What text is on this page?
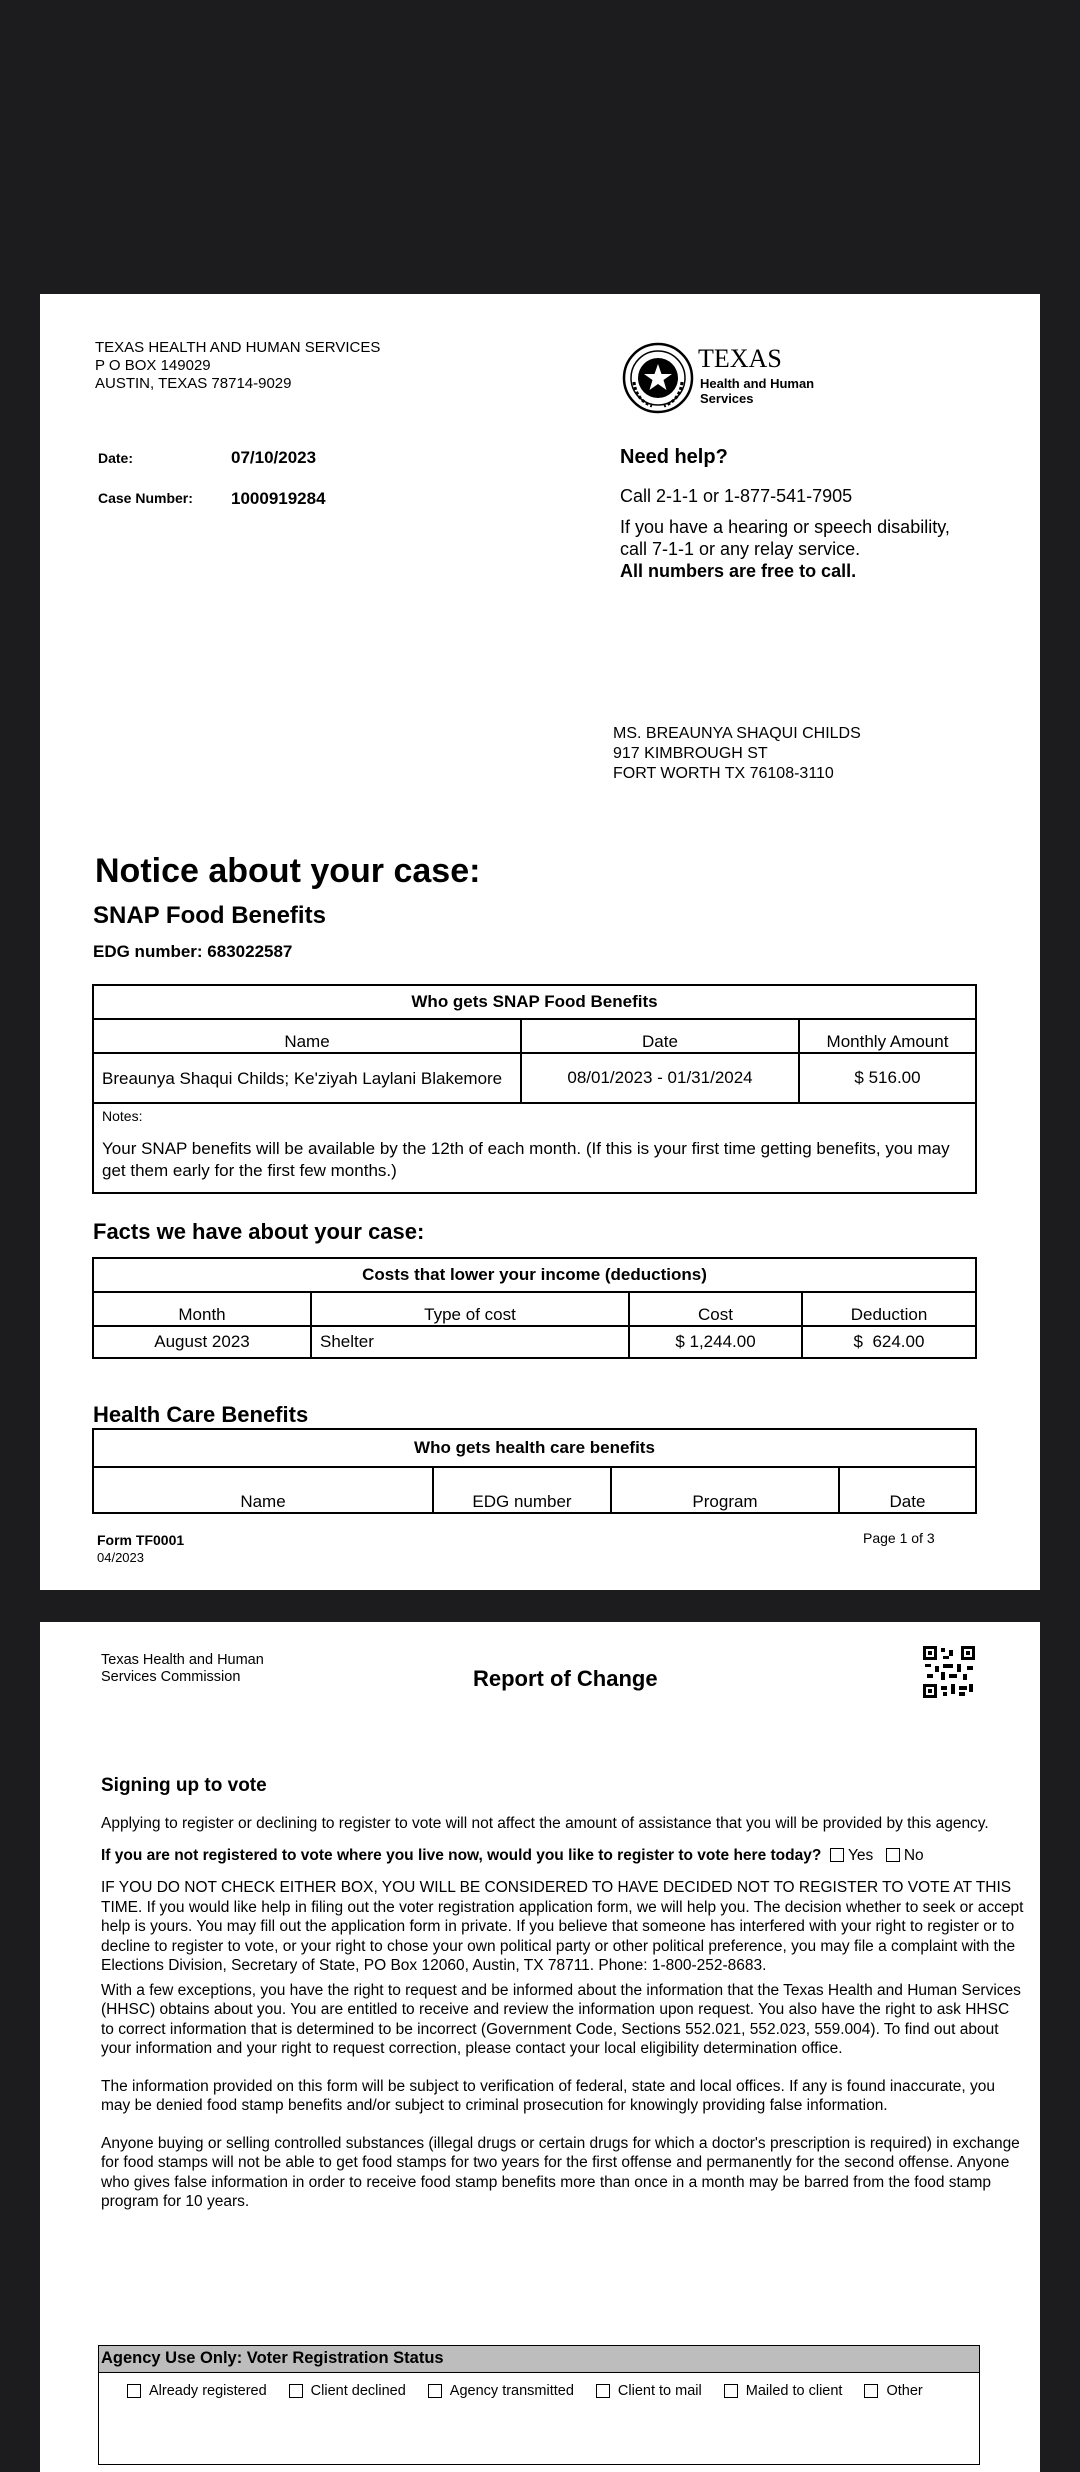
TEXAS HEALTH AND HUMAN SERVICES
P O BOX 149029
AUSTIN, TEXAS 78714-9029
TEXAS
Health and Human
Services
Date:	07/10/2023
Case Number: 1000919284
Need help?
Call 2-1-1 or 1-877-541-7905
If you have a hearing or speech disability,
call 7-1-1 or any relay service.
All numbers are free to call.
MS. BREAUNYA SHAQUI CHILDS
917 KIMBROUGH ST
FORT WORTH TX 76108-3110
Notice about your case:
SNAP Food Benefits
EDG number: 683022587
Who gets SNAP Food Benefits		
Name	Date	Monthly Amount
Breaunya Shaqui Childs; Ke'ziyah Laylani Blakemore	08/01/2023 - 01/31/2024	$ 516.00

Notes:
Your SNAP benefits will be available by the 12th of each month. (If this is your first time getting benefits, you may get them early for the first few months.)		
Facts we have about your case:
Costs that lower your income (deductions)			
Month	Type of cost	Cost	Deduction
August 2023	Shelter	$ 1,244.00	$  624.00
Health Care Benefits
Who gets health care benefits
Name	EDG number	Program	Date
Form TF0001
04/2023
Page 1 of 3
Texas Health and Human
Services Commission	Report of Change
Signing up to vote
Applying to register or declining to register to vote will not affect the amount of assistance that you will be provided by this agency.
If you are not registered to vote where you live now, would you like to register to vote here today? Yes No
IF YOU DO NOT CHECK EITHER BOX, YOU WILL BE CONSIDERED TO HAVE DECIDED NOT TO REGISTER TO VOTE AT THIS TIME. If you would like help in filing out the voter registration application form, we will help you. The decision whether to seek or accept help is yours. You may fill out the application form in private. If you believe that someone has interfered with your right to register or to decline to register to vote, or your right to chose your own political party or other political preference, you may file a complaint with the Elections Division, Secretary of State, PO Box 12060, Austin, TX 78711. Phone: 1-800-252-8683.
With a few exceptions, you have the right to request and be informed about the information that the Texas Health and Human Services (HHSC) obtains about you. You are entitled to receive and review the information upon request. You also have the right to ask HHSC to correct information that is determined to be incorrect (Government Code, Sections 552.021, 552.023, 559.004). To find out about your information and your right to request correction, please contact your local eligibility determination office.
The information provided on this form will be subject to verification of federal, state and local offices. If any is found inaccurate, you may be denied food stamp benefits and/or subject to criminal prosecution for knowingly providing false information.
Anyone buying or selling controlled substances (illegal drugs or certain drugs for which a doctor's prescription is required) in exchange for food stamps will not be able to get food stamps for two years for the first offense and permanently for the second offense. Anyone who gives false information in order to receive food stamp benefits more than once in a month may be barred from the food stamp program for 10 years.
Agency Use Only: Voter Registration Status
Already registered	Client declined	Agency transmitted	Client to mail	Mailed to client	Other
